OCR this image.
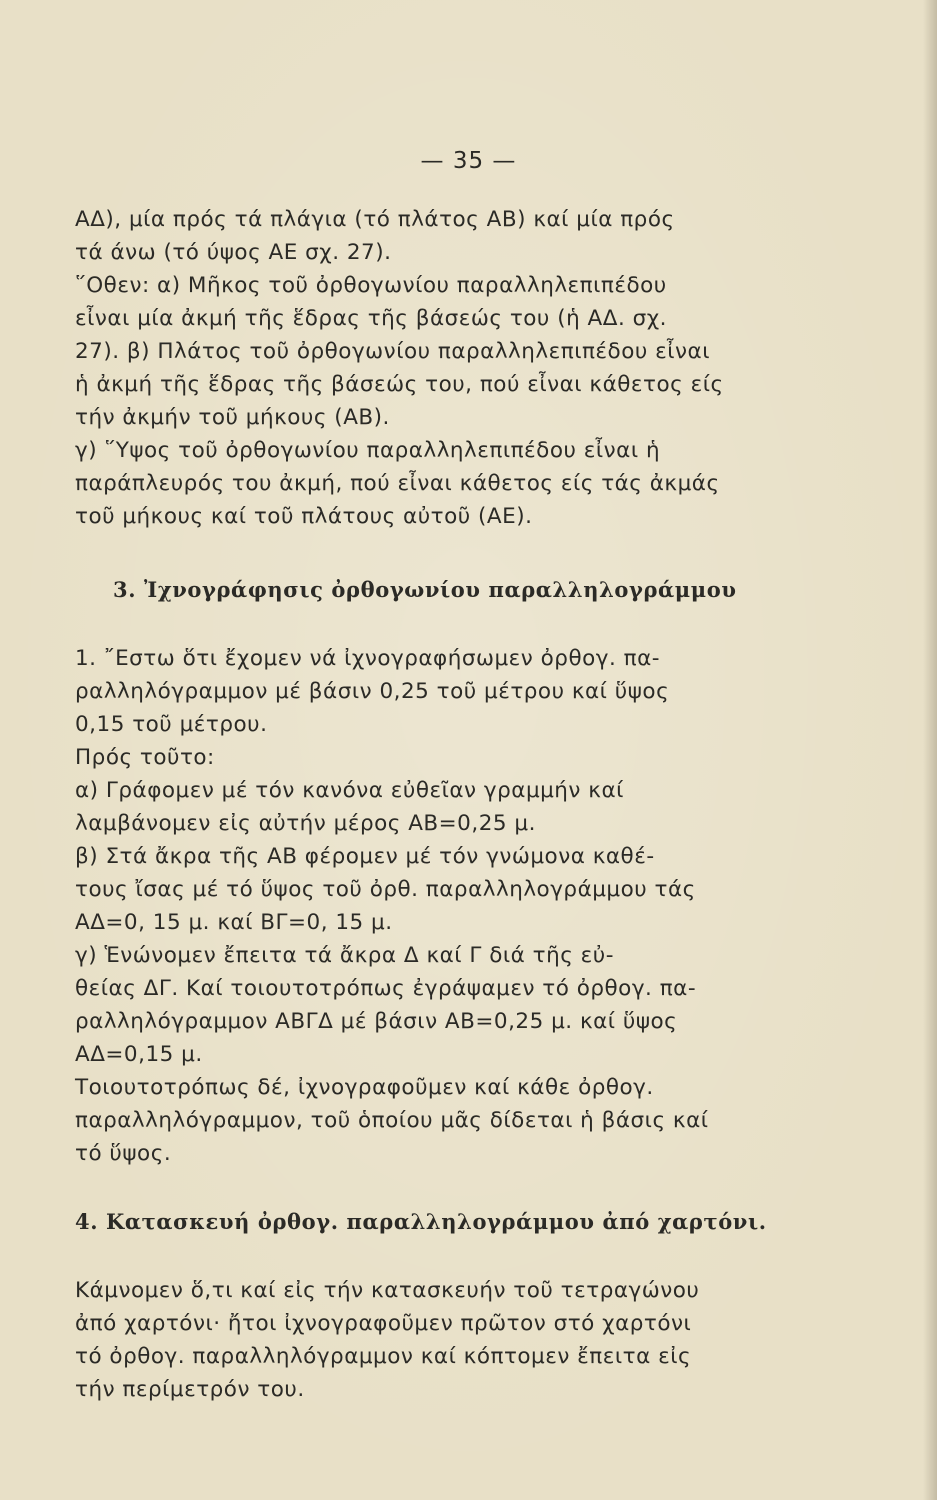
— 35 —
ΑΔ), μία πρός τά πλάγια (τό πλάτος ΑΒ) καί μία πρός
τά άνω (τό ύψος ΑΕ σχ. 27).
῞Οθεν: α) Μῆκος τοῦ ὀρθογωνίου παραλληλεπιπέδου
εἶναι μία ἀκμή τῆς ἕδρας τῆς βάσεώς του (ἡ ΑΔ. σχ.
27). β) Πλάτος τοῦ ὀρθογωνίου παραλληλεπιπέδου εἶναι
ἡ ἀκμή τῆς ἕδρας τῆς βάσεώς του, πού εἶναι κάθετος είς
τήν ἀκμήν τοῦ μήκους (ΑΒ).
γ) ῞Υψος τοῦ ὀρθογωνίου παραλληλεπιπέδου εἶναι ἡ
παράπλευρός του ἀκμή, πού εἶναι κάθετος είς τάς ἀκμάς
τοῦ μήκους καί τοῦ πλάτους αὐτοῦ (ΑΕ).
3. Ἰχνογράφησις ὀρθογωνίου παραλληλογράμμου
1. ῎Εστω ὅτι ἔχομεν νά ἰχνογραφήσωμεν ὀρθογ. πα-
ραλληλόγραμμον μέ βάσιν 0,25 τοῦ μέτρου καί ὕψος
0,15 τοῦ μέτρου.
Πρός τοῦτο:
α) Γράφομεν μέ τόν κανόνα εὐθεῖαν γραμμήν καί
λαμβάνομεν εἰς αὐτήν μέρος ΑΒ=0,25 μ.
β) Στά ἄκρα τῆς ΑΒ φέρομεν μέ τόν γνώμονα καθέ-
τους ἴσας μέ τό ὕψος τοῦ ὀρθ. παραλληλογράμμου τάς
ΑΔ=0, 15 μ. καί ΒΓ=0, 15 μ.
γ) Ἑνώνομεν ἔπειτα τά ἄκρα Δ καί Γ διά τῆς εὐ-
θείας ΔΓ. Καί τοιουτοτρόπως ἐγράψαμεν τό ὀρθογ. πα-
ραλληλόγραμμον ΑΒΓΔ μέ βάσιν ΑΒ=0,25 μ. καί ὕψος
ΑΔ=0,15 μ.
Τοιουτοτρόπως δέ, ἰχνογραφοῦμεν καί κάθε ὀρθογ.
παραλληλόγραμμον, τοῦ ὁποίου μᾶς δίδεται ἡ βάσις καί
τό ὕψος.
4. Κατασκευή ὀρθογ. παραλληλογράμμου ἀπό χαρτόνι.
Κάμνομεν ὅ,τι καί εἰς τήν κατασκευήν τοῦ τετραγώνου
ἀπό χαρτόνι· ἤτοι ἰχνογραφοῦμεν πρῶτον στό χαρτόνι
τό ὀρθογ. παραλληλόγραμμον καί κόπτομεν ἔπειτα εἰς
τήν περίμετρόν του.
